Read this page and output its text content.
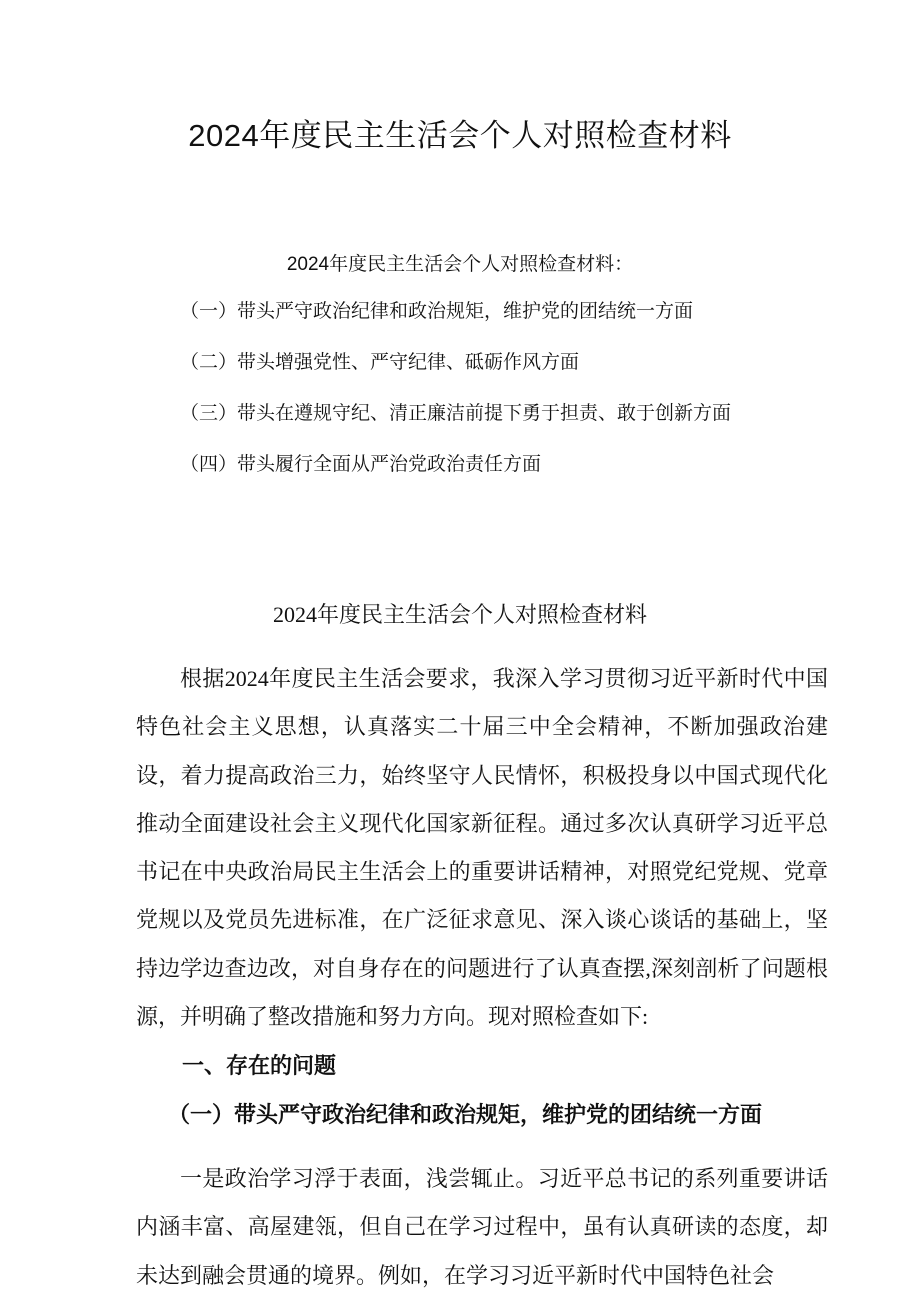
2024年度民主生活会个人对照检查材料
2024年度民主生活会个人对照检查材料：
（一）带头严守政治纪律和政治规矩，维护党的团结统一方面
（二）带头增强党性、严守纪律、砥砺作风方面
（三）带头在遵规守纪、清正廉洁前提下勇于担责、敢于创新方面
（四）带头履行全面从严治党政治责任方面
2024年度民主生活会个人对照检查材料

根据2024年度民主生活会要求，我深入学习贯彻习近平新时代中国特色社会主义思想，认真落实二十届三中全会精神，不断加强政治建设，着力提高政治三力，始终坚守人民情怀，积极投身以中国式现代化推动全面建设社会主义现代化国家新征程。通过多次认真研学习近平总书记在中央政治局民主生活会上的重要讲话精神，对照党纪党规、党章党规以及党员先进标准，在广泛征求意见、深入谈心谈话的基础上，坚持边学边查边改，对自身存在的问题进行了认真查摆,深刻剖析了问题根源，并明确了整改措施和努力方向。现对照检查如下:

一、存在的问题
（一）带头严守政治纪律和政治规矩，维护党的团结统一方面

一是政治学习浮于表面，浅尝辄止。习近平总书记的系列重要讲话内涵丰富、高屋建瓴，但自己在学习过程中，虽有认真研读的态度，却未达到融会贯通的境界。例如，在学习习近平新时代中国特色社会
